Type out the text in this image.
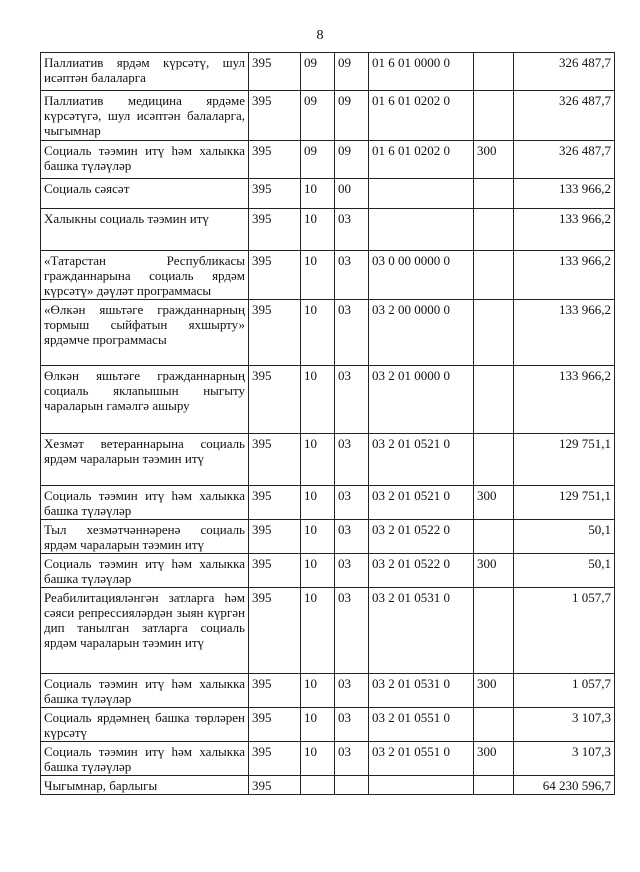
8
Паллиатив ярдәм күрсәтү, шул исәптән балаларга	395	09	09	01 6 01 0000 0		326 487,7
Паллиатив медицина ярдәме күрсәтүгә, шул исәптән балаларга, чыгымнар	395	09	09	01 6 01 0202 0		326 487,7
Социаль тәэмин итү һәм халыкка башка түләүләр	395	09	09	01 6 01 0202 0	300	326 487,7
Социаль сәясәт	395	10	00			133 966,2
Халыкны социаль тәэмин итү	395	10	03			133 966,2
«Татарстан Республикасы гражданнарына социаль ярдәм күрсәтү» дәүләт программасы	395	10	03	03 0 00 0000 0		133 966,2
«Өлкән яшьтәге гражданнарның тормыш сыйфатын яхшырту» ярдәмче программасы	395	10	03	03 2 00 0000 0		133 966,2
Өлкән яшьтәге гражданнарның социаль яклanышын ныгыту чараларын гамәлгә ашыру	395	10	03	03 2 01 0000 0		133 966,2
Хезмәт ветераннарына социаль ярдәм чараларын тәэмин итү	395	10	03	03 2 01 0521 0		129 751,1
Социаль тәэмин итү һәм халыкка башка түләүләр	395	10	03	03 2 01 0521 0	300	129 751,1
Тыл хезмәтчәннәренә социаль ярдәм чараларын тәэмин итү	395	10	03	03 2 01 0522 0		50,1
Социаль тәэмин итү һәм халыкка башка түләүләр	395	10	03	03 2 01 0522 0	300	50,1
Реабилитацияләнгән затларга һәм сәяси репрессияләрдән зыян күргән дип танылган затларга социаль ярдәм чараларын тәэмин итү	395	10	03	03 2 01 0531 0		1 057,7
Социаль тәэмин итү һәм халыкка башка түләүләр	395	10	03	03 2 01 0531 0	300	1 057,7
Социаль ярдәмнең башка төрләрен күрсәтү	395	10	03	03 2 01 0551 0		3 107,3
Социаль тәэмин итү һәм халыкка башка түләүләр	395	10	03	03 2 01 0551 0	300	3 107,3
Чыгымнар, барлыгы	395					64 230 596,7
